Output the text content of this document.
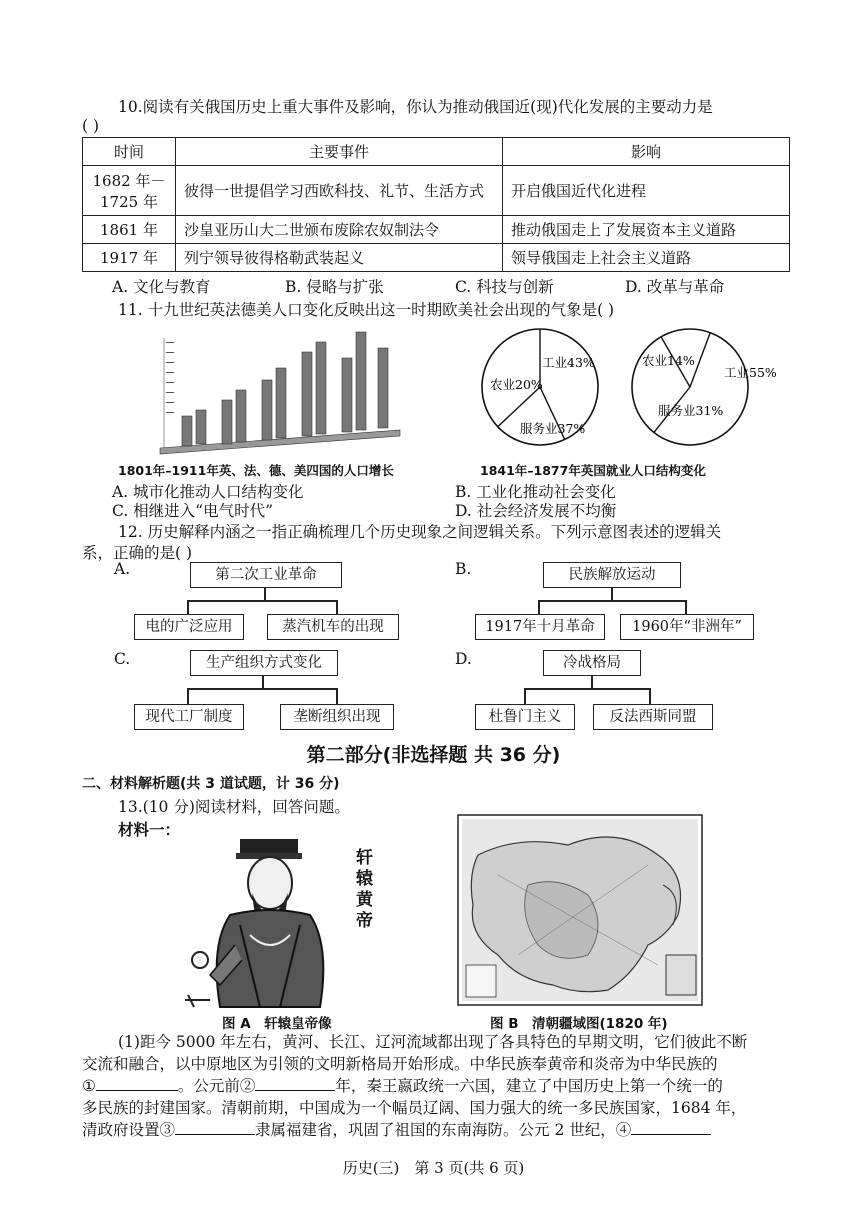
10.阅读有关俄国历史上重大事件及影响，你认为推动俄国近(现)代化发展的主要动力是
( )
时间	主要事件	影响
1682 年－1725 年	彼得一世提倡学习西欧科技、礼节、生活方式	开启俄国近代化进程
1861 年	沙皇亚历山大二世颁布废除农奴制法令	推动俄国走上了发展资本主义道路
1917 年	列宁领导彼得格勒武装起义	领导俄国走上社会主义道路
A. 文化与教育	B. 侵略与扩张	C. 科技与创新	D. 改革与革命
11. 十九世纪英法德美人口变化反映出这一时期欧美社会出现的气象是( )
工业43%
农业20%
服务业37%
工业55%
农业14%
服务业31%
1801年–1911年英、法、德、美四国的人口增长	1841年–1877年英国就业人口结构变化
A. 城市化推动人口结构变化	B. 工业化推动社会变化
C. 相继进入“电气时代”	D. 社会经济发展不均衡
12. 历史解释内涵之一指正确梳理几个历史现象之间逻辑关系。下列示意图表述的逻辑关
系，正确的是( )
A.	第二次工业革命
电的广泛应用	蒸汽机车的出现
B.	民族解放运动
1917年十月革命	1960年“非洲年”
C.	生产组织方式变化
现代工厂制度	垄断组织出现
D.	冷战格局
杜鲁门主义	反法西斯同盟
第二部分(非选择题 共 36 分)
二、材料解析题(共 3 道试题，计 36 分)
13.(10 分)阅读材料，回答问题。
材料一：
轩辕黄帝
图 A　轩辕皇帝像	图 B　清朝疆域图(1820 年)
(1)距今 5000 年左右，黄河、长江、辽河流域都出现了各具特色的早期文明，它们彼此不断
交流和融合，以中原地区为引领的文明新格局开始形成。中华民族奉黄帝和炎帝为中华民族的
①	。公元前②	年，秦王嬴政统一六国，建立了中国历史上第一个统一的
多民族的封建国家。清朝前期，中国成为一个幅员辽阔、国力强大的统一多民族国家，1684 年，
清政府设置③	隶属福建省，巩固了祖国的东南海防。公元 2 世纪，④
历史(三)　第 3 页(共 6 页)
